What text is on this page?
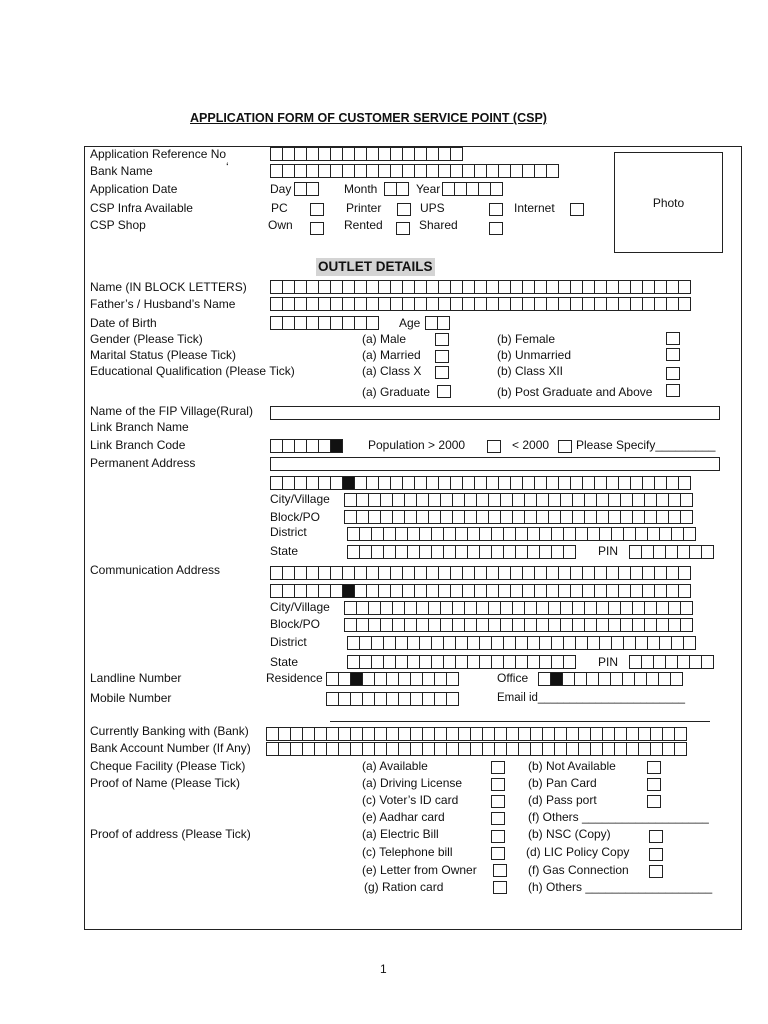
APPLICATION FORM OF CUSTOMER SERVICE POINT (CSP)
Photo
Application Reference No
Bank Name	‘
Application Date	Day	Month	Year
CSP Infra Available	PC	Printer	UPS	Internet
CSP Shop	Own	Rented	Shared
OUTLET DETAILS
Name (IN BLOCK LETTERS)
Father’s / Husband’s Name
Date of Birth	Age
Gender (Please Tick)	(a) Male	(b) Female
Marital Status (Please Tick)	(a) Married	(b) Unmarried
Educational Qualification (Please Tick)	(a) Class X	(b) Class XII
(a) Graduate	(b) Post Graduate and Above
Name of the FIP Village(Rural)
Link Branch Name
Link Branch Code	Population > 2000	< 2000 Please Specify_________
Permanent Address
City/Village
Block/PO
District
State	PIN
Communication Address
City/Village
Block/PO
District
State	PIN
Landline Number	Residence	Office
Mobile Number	Email id_______________________
Currently Banking with (Bank)
Bank Account Number (If Any)
Cheque Facility (Please Tick)	(a) Available	(b) Not Available
Proof of Name (Please Tick)	(a) Driving License	(b) Pan Card
(c) Voter’s ID card	(d) Pass port
(e) Aadhar card	(f) Others ___________________
Proof of address (Please Tick)	(a) Electric Bill	(b) NSC (Copy)
(c) Telephone bill	(d) LIC Policy Copy
(e) Letter from Owner	(f) Gas Connection
(g) Ration card	(h) Others ___________________
1
